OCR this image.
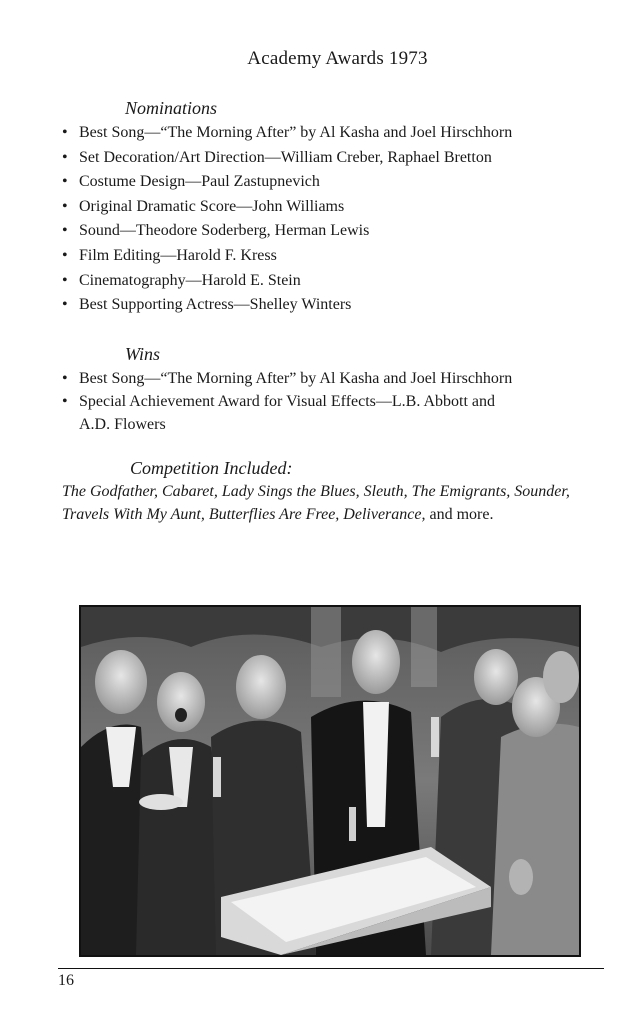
Academy Awards 1973
Nominations
• Best Song—“The Morning After” by Al Kasha and Joel Hirschhorn
• Set Decoration/Art Direction—William Creber, Raphael Bretton
• Costume Design—Paul Zastupnevich
• Original Dramatic Score—John Williams
• Sound—Theodore Soderberg, Herman Lewis
• Film Editing—Harold F. Kress
• Cinematography—Harold E. Stein
• Best Supporting Actress—Shelley Winters
Wins
• Best Song—“The Morning After” by Al Kasha and Joel Hirschhorn
• Special Achievement Award for Visual Effects—L.B. Abbott and
A.D. Flowers
Competition Included:
The Godfather, Cabaret, Lady Sings the Blues, Sleuth, The Emigrants, Sounder, Travels With My Aunt, Butterflies Are Free, Deliverance, and more.
16
